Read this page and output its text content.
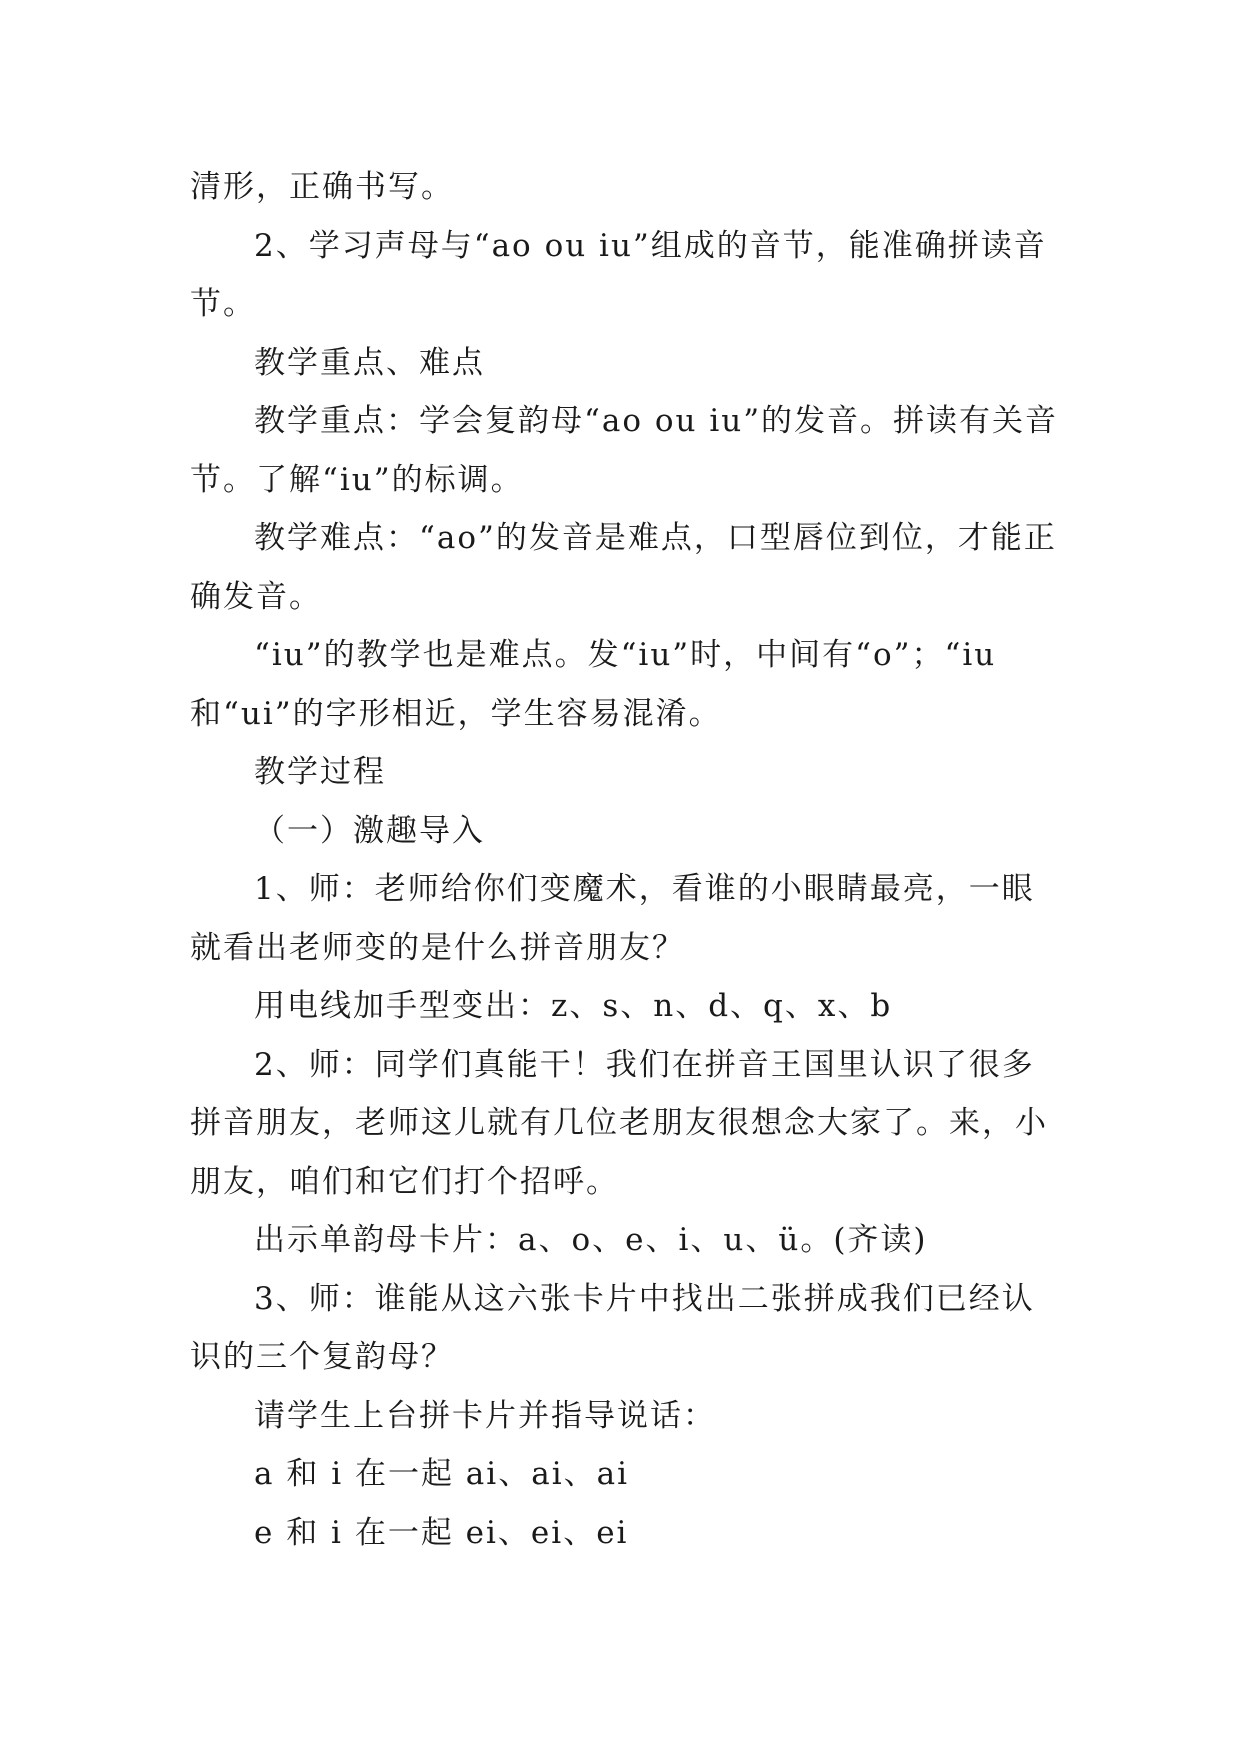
清形，正确书写。

2、学习声母与“ao ou iu”组成的音节，能准确拼读音节。

教学重点、难点

教学重点：学会复韵母“ao ou iu”的发音。拼读有关音节。了解“iu”的标调。

教学难点：“ao”的发音是难点，口型唇位到位，才能正确发音。

“iu”的教学也是难点。发“iu”时，中间有“o”；“iu和“ui”的字形相近，学生容易混淆。

教学过程

（一）激趣导入

1、师：老师给你们变魔术，看谁的小眼睛最亮，一眼就看出老师变的是什么拼音朋友？

用电线加手型变出：z、s、n、d、q、x、b

2、师：同学们真能干！我们在拼音王国里认识了很多拼音朋友，老师这儿就有几位老朋友很想念大家了。来，小朋友，咱们和它们打个招呼。

出示单韵母卡片：a、o、e、i、u、ü。(齐读)

3、师：谁能从这六张卡片中找出二张拼成我们已经认识的三个复韵母？

请学生上台拼卡片并指导说话：

a 和 i 在一起 ai、ai、ai

e 和 i 在一起 ei、ei、ei
